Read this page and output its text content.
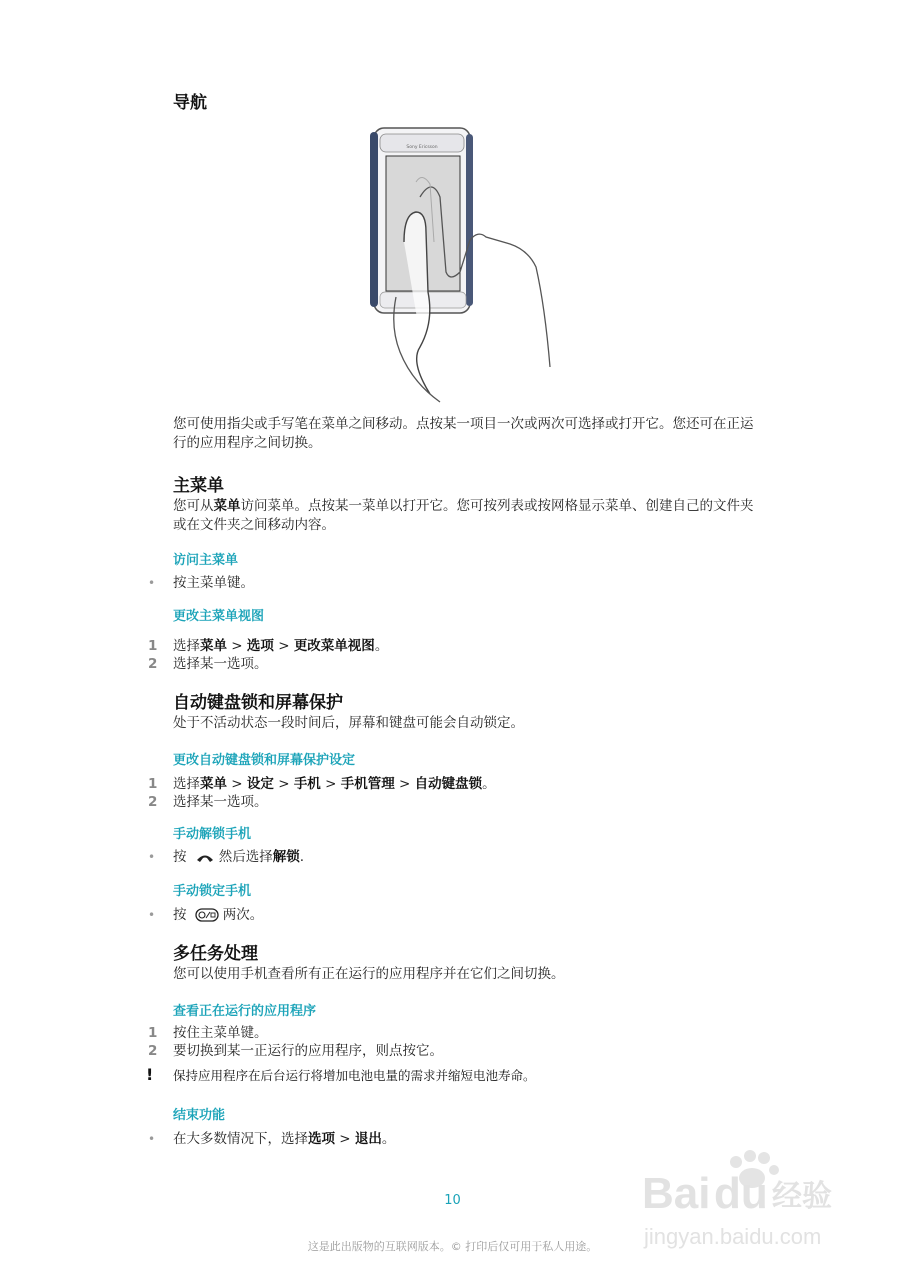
导航
Sony Ericsson
您可使用指尖或手写笔在菜单之间移动。点按某一项目一次或两次可选择或打开它。您还可在正运行的应用程序之间切换。
主菜单
您可从菜单访问菜单。点按某一菜单以打开它。您可按列表或按网格显示菜单、创建自己的文件夹或在文件夹之间移动内容。
访问主菜单
• 按主菜单键。
更改主菜单视图
1 选择菜单 > 选项 > 更改菜单视图。
2 选择某一选项。
自动键盘锁和屏幕保护
处于不活动状态一段时间后，屏幕和键盘可能会自动锁定。
更改自动键盘锁和屏幕保护设定
1 选择菜单 > 设定 > 手机 > 手机管理 > 自动键盘锁。
2 选择某一选项。
手动解锁手机
• 按 然后选择解锁.
手动锁定手机
• 按	两次。
多任务处理
您可以使用手机查看所有正在运行的应用程序并在它们之间切换。
查看正在运行的应用程序
1 按住主菜单键。
2 要切换到某一正运行的应用程序，则点按它。
! 保持应用程序在后台运行将增加电池电量的需求并缩短电池寿命。
结束功能
• 在大多数情况下，选择选项 > 退出。
10
这是此出版物的互联网版本。© 打印后仅可用于私人用途。
Bai du 经验
jingyan.baidu.com
